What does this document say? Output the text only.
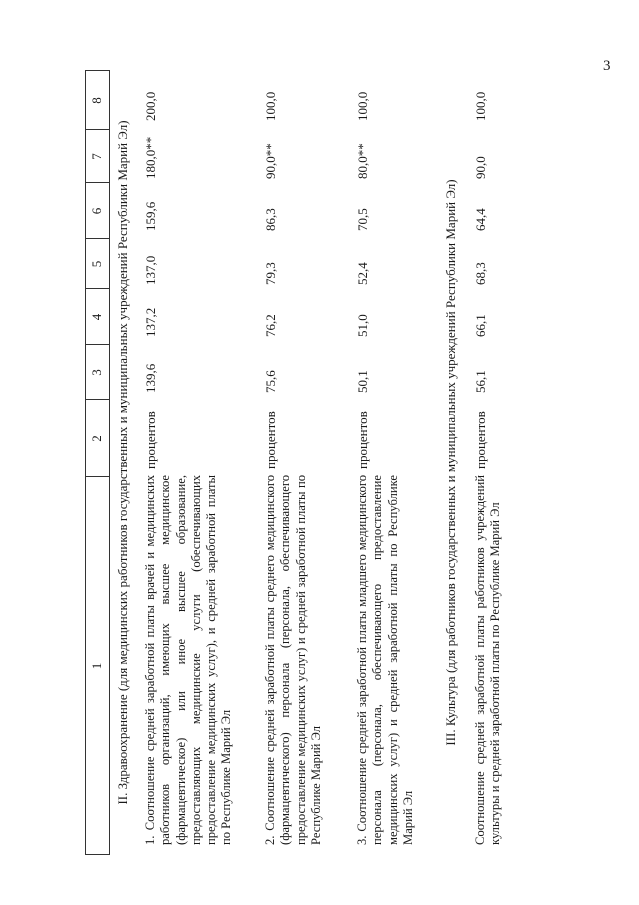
3
1
2
3
4
5
6
7
8
II. Здравоохранение (для медицинских работников государственных и муниципальных учреждений Республики Марий Эл) 1. Соотношение средней заработной платы врачей и медицинских работников организаций, имеющих высшее медицинское (фармацевтическое) или иное высшее образование, предоставляющих медицинские услуги (обеспечивающих предоставление медицинских услуг), и средней заработной платы по Республике Марий Эл
процентов
139,6
137,2
137,0
159,6
180,0**
200,0
2. Соотношение средней заработной платы среднего медицинского (фармацевтического) персонала (персонала, обеспечивающего предоставление медицинских услуг) и средней заработной платы по Республике Марий Эл
процентов
75,6
76,2
79,3
86,3
90,0**
100,0
3. Соотношение средней заработной платы младшего медицинского персонала (персонала, обеспечивающего предоставление медицинских услуг) и средней заработной платы по Республике Марий Эл
процентов
50,1
51,0
52,4
70,5
80,0**
100,0
III. Культура (для работников государственных и муниципальных учреждений Республики Марий Эл) Соотношение средней заработной платы работников учреждений культуры и средней заработной платы по Республике Марий Эл
процентов
56,1
66,1
68,3
64,4
90,0
100,0
